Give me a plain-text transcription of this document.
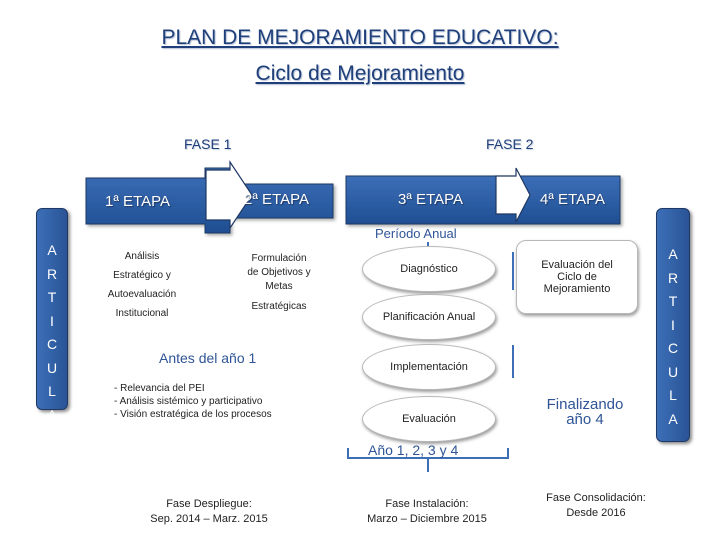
PLAN DE MEJORAMIENTO EDUCATIVO:
Ciclo de Mejoramiento
FASE 1	FASE 2
1ª ETAPA	2ª ETAPA	3ª ETAPA	4ª ETAPA
A
R
T
I
C
U
L
A
A
R
T
I
C
U
L
A
Análisis
Estratégico y
Autoevaluación
Institucional
Formulación
de Objetivos y
Metas
Estratégicas
Antes del año 1
- Relevancia del PEI
- Análisis sistémico y participativo
- Visión estratégica de los procesos
Período Anual
Diagnóstico
Planificación Anual
Implementación
Evaluación
Evaluación del
Ciclo de
Mejoramiento
Finalizando
año 4
Año 1, 2, 3 y 4
Fase Despliegue:
Sep. 2014 – Marz. 2015
Fase Instalación:
Marzo – Diciembre 2015
Fase Consolidación:
Desde 2016
